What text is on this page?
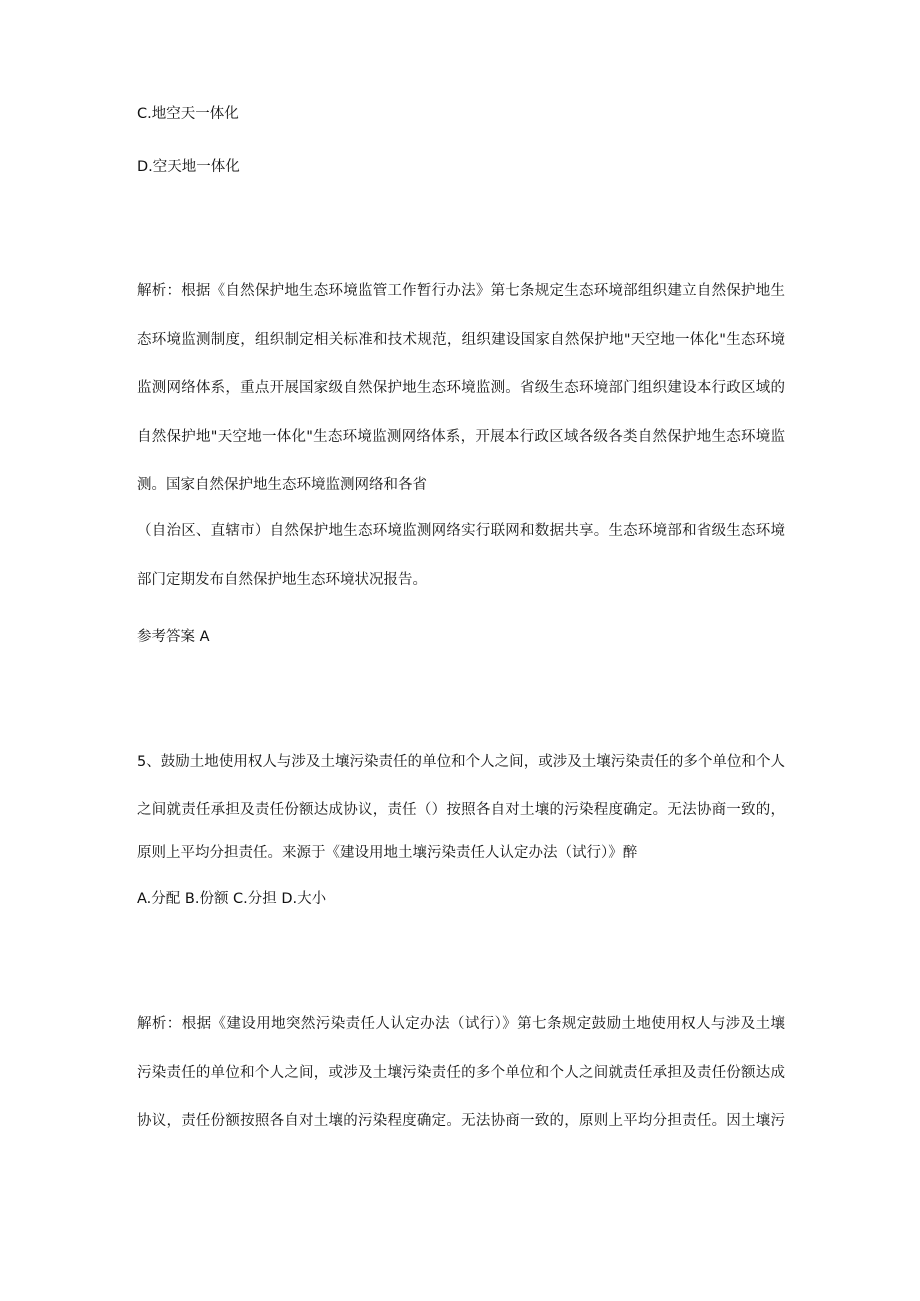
C.地空天一体化

D.空天地一体化

解析：根据《自然保护地生态环境监管工作暂行办法》第七条规定生态环境部组织建立自然保护地生

态环境监测制度，组织制定相关标准和技术规范，组织建设国家自然保护地"天空地一体化"生态环境

监测网络体系，重点开展国家级自然保护地生态环境监测。省级生态环境部门组织建设本行政区域的

自然保护地"天空地一体化"生态环境监测网络体系，开展本行政区域各级各类自然保护地生态环境监

测。国家自然保护地生态环境监测网络和各省

（自治区、直辖市）自然保护地生态环境监测网络实行联网和数据共享。生态环境部和省级生态环境

部门定期发布自然保护地生态环境状况报告。

参考答案 A

5、鼓励土地使用权人与涉及土壤污染责任的单位和个人之间，或涉及土壤污染责任的多个单位和个人

之间就责任承担及责任份额达成协议，责任（）按照各自对土壤的污染程度确定。无法协商一致的，

原则上平均分担责任。来源于《建设用地土壤污染责任人认定办法（试行）》醉

A.分配 B.份额 C.分担 D.大小

解析：根据《建设用地突然污染责任人认定办法（试行）》第七条规定鼓励土地使用权人与涉及土壤

污染责任的单位和个人之间，或涉及土壤污染责任的多个单位和个人之间就责任承担及责任份额达成

协议，责任份额按照各自对土壤的污染程度确定。无法协商一致的，原则上平均分担责任。因土壤污
